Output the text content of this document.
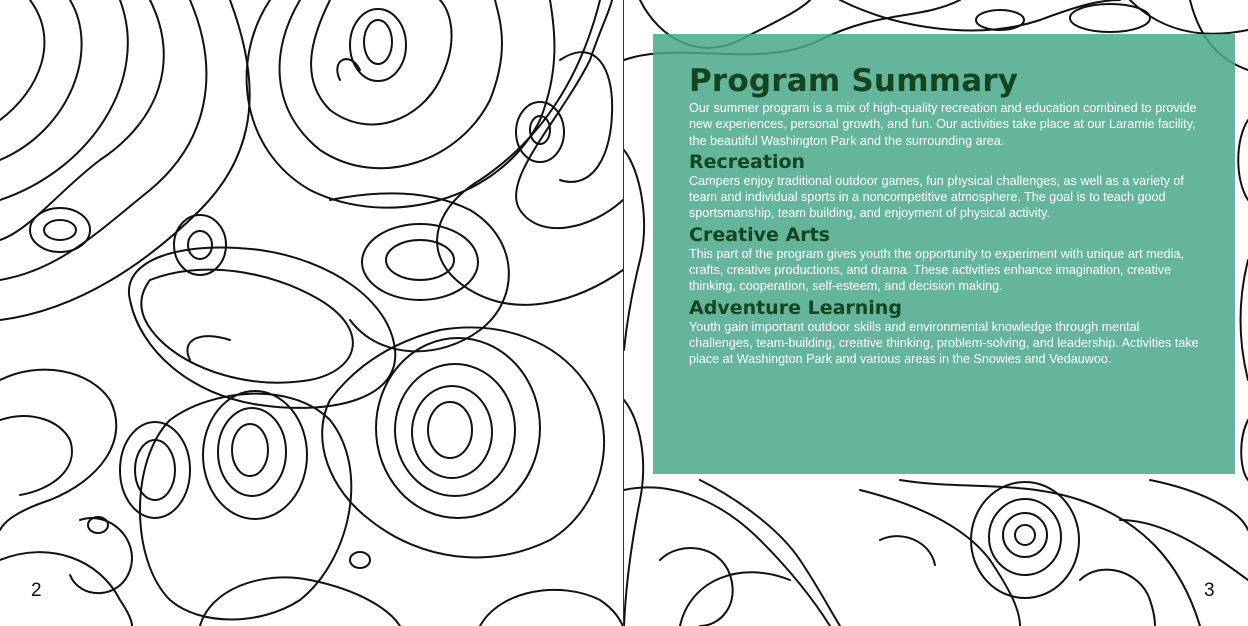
2	3
Program Summary

Our summer program is a mix of high-quality recreation and education combined to provide new experiences, personal growth, and fun. Our activities take place at our Laramie facility, the beautiful Washington Park and the surrounding area.

Recreation

Campers enjoy traditional outdoor games, fun physical challenges, as well as a variety of team and individual sports in a noncompetitive atmosphere. The goal is to teach good sportsmanship, team building, and enjoyment of physical activity.

Creative Arts

This part of the program gives youth the opportunity to experiment with unique art media, crafts, creative productions, and drama. These activities enhance imagination, creative thinking, cooperation, self-esteem, and decision making.

Adventure Learning

Youth gain important outdoor skills and environmental knowledge through mental challenges, team-building, creative thinking, problem-solving, and leadership. Activities take place at Washington Park and various areas in the Snowies and Vedauwoo.
